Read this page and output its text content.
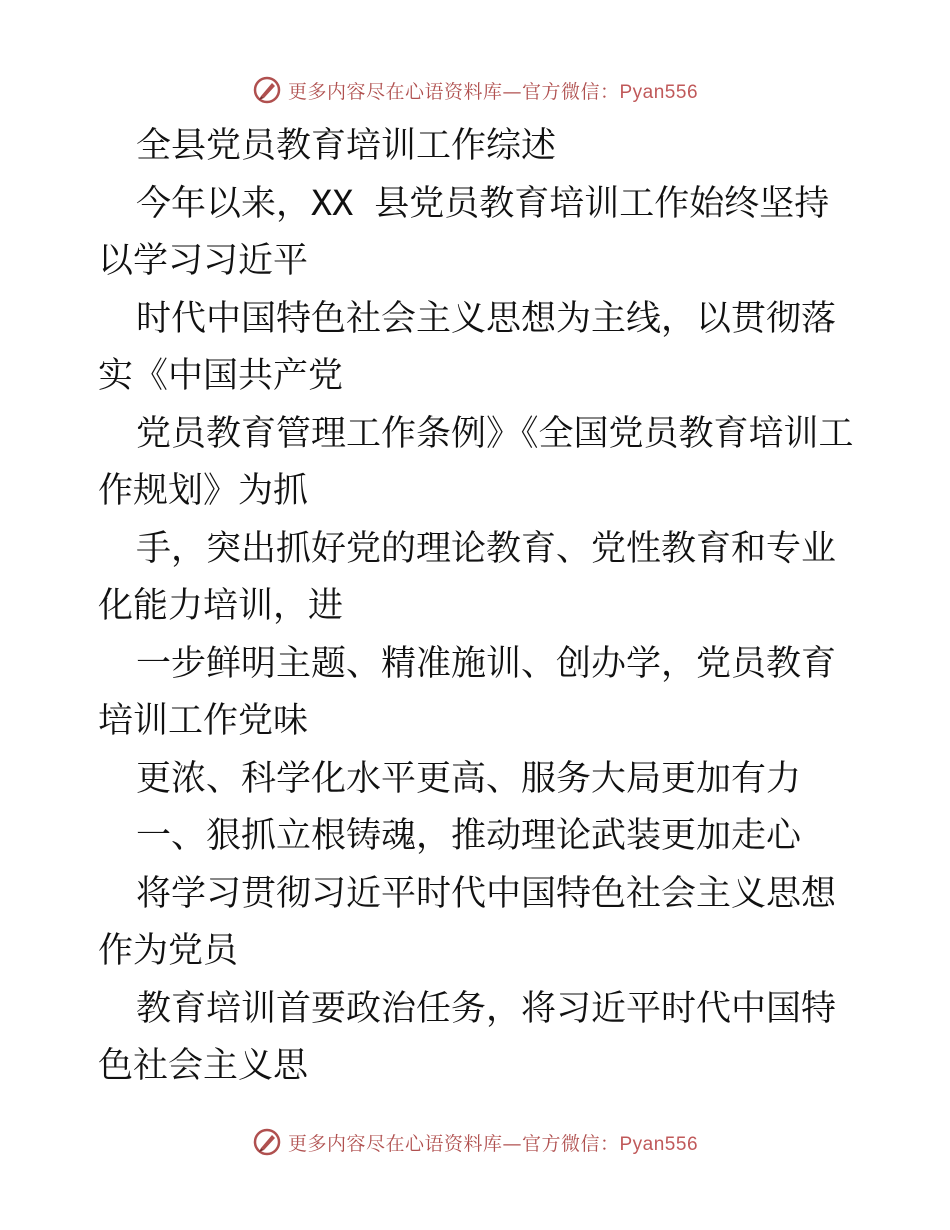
更多内容尽在心语资料库—官方微信：Pyan556

全县党员教育培训工作综述

今年以来，XX 县党员教育培训工作始终坚持以学习习近平

时代中国特色社会主义思想为主线，以贯彻落实《中国共产党

党员教育管理工作条例》《全国党员教育培训工作规划》为抓

手，突出抓好党的理论教育、党性教育和专业化能力培训，进

一步鲜明主题、精准施训、创办学，党员教育培训工作党味

更浓、科学化水平更高、服务大局更加有力

一、狠抓立根铸魂，推动理论武装更加走心

将学习贯彻习近平时代中国特色社会主义思想作为党员

教育培训首要政治任务，将习近平时代中国特色社会主义思

更多内容尽在心语资料库—官方微信：Pyan556
